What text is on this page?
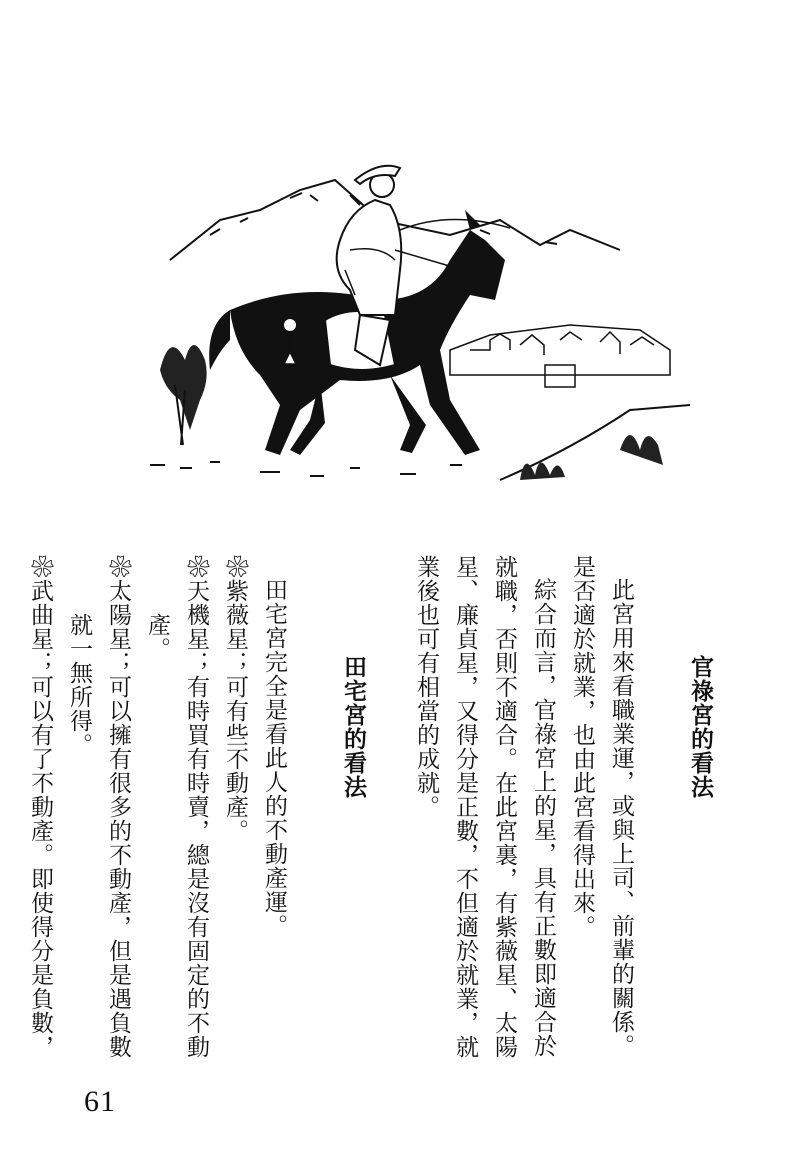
官祿宮的看法
此宮用來看職業運，或與上司、前輩的關係。是否適於就業，也由此宮看得出來。
綜合而言，官祿宮上的星，具有正數即適合於就職，否則不適合。在此宮裏，有紫薇星、太陽星、廉貞星，又得分是正數，不但適於就業，就業後也可有相當的成就。
田宅宮的看法
田宅宮完全是看此人的不動產運。
❀紫薇星；可有些不動產。
❀天機星；有時買有時賣，總是沒有固定的不動
產。
❀太陽星；可以擁有很多的不動產，但是遇負數
就一無所得。
❀武曲星；可以有了不動產。即使得分是負數，
61
